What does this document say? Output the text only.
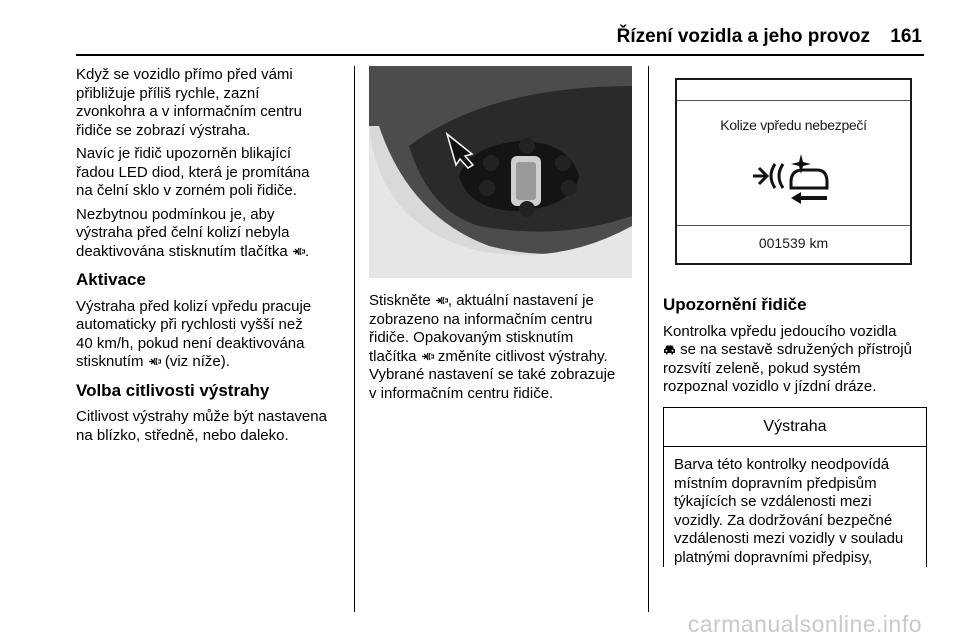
Řízení vozidla a jeho provoz 161

Když se vozidlo přímo před vámi
přibližuje příliš rychle, zazní
zvonkohra a v informačním centru
řidiče se zobrazí výstraha.

Navíc je řidič upozorněn blikající
řadou LED diod, která je promítána
na čelní sklo v zorném poli řidiče.

Nezbytnou podmínkou je, aby
výstraha před čelní kolizí nebyla
deaktivována stisknutím tlačítka .

Aktivace

Výstraha před kolizí vpředu pracuje
automaticky při rychlosti vyšší než
40 km/h, pokud není deaktivována
stisknutím  (viz níže).

Volba citlivosti výstrahy

Citlivost výstrahy může být nastavena
na blízko, středně, nebo daleko.

Stiskněte , aktuální nastavení je
zobrazeno na informačním centru
řidiče. Opakovaným stisknutím
tlačítka  změníte citlivost výstrahy.
Vybrané nastavení se také zobrazuje
v informačním centru řidiče.

Kolize vpředu nebezpečí
001539 km
Upozornění řidiče

Kontrolka vpředu jedoucího vozidla
se na sestavě sdružených přístrojů
rozsvítí zeleně, pokud systém
rozpoznal vozidlo v jízdní dráze.

Výstraha
Barva této kontrolky neodpovídá
místním dopravním předpisům
týkajících se vzdálenosti mezi
vozidly. Za dodržování bezpečné
vzdálenosti mezi vozidly v souladu
platnými dopravními předpisy,
carmanualsonline.info
